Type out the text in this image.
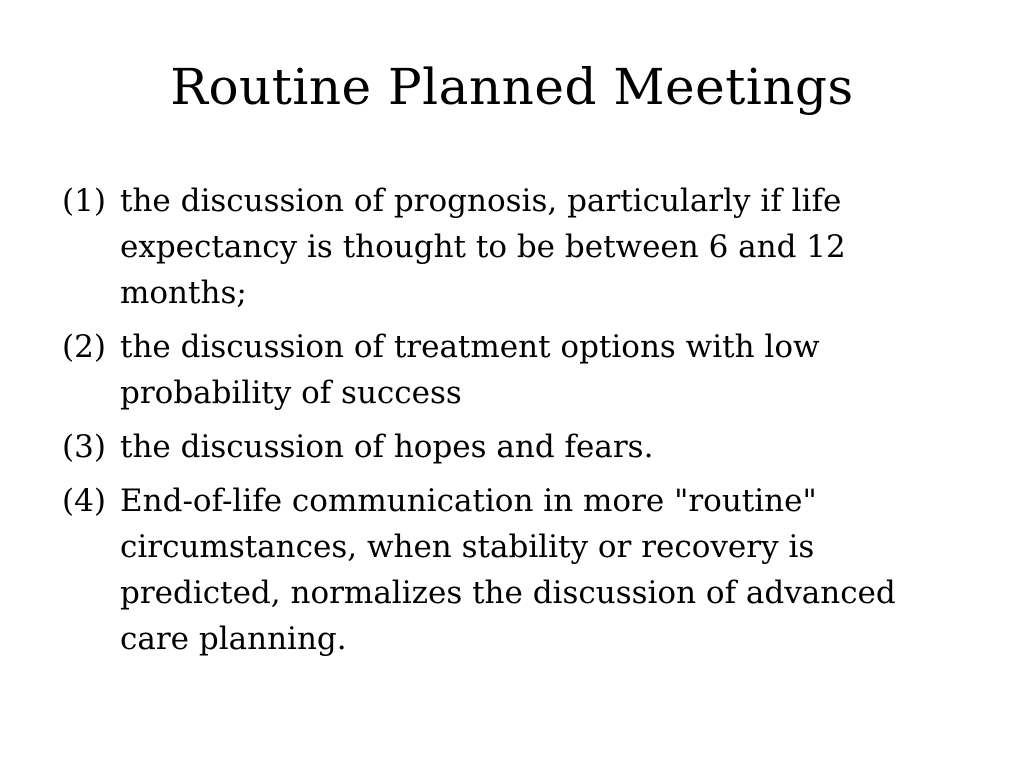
Routine Planned Meetings
(1) the discussion of prognosis, particularly if life expectancy is thought to be between 6 and 12 months;
(2) the discussion of treatment options with low probability of success
(3) the discussion of hopes and fears.
(4) End-of-life communication in more "routine" circumstances, when stability or recovery is predicted, normalizes the discussion of advanced care planning.
